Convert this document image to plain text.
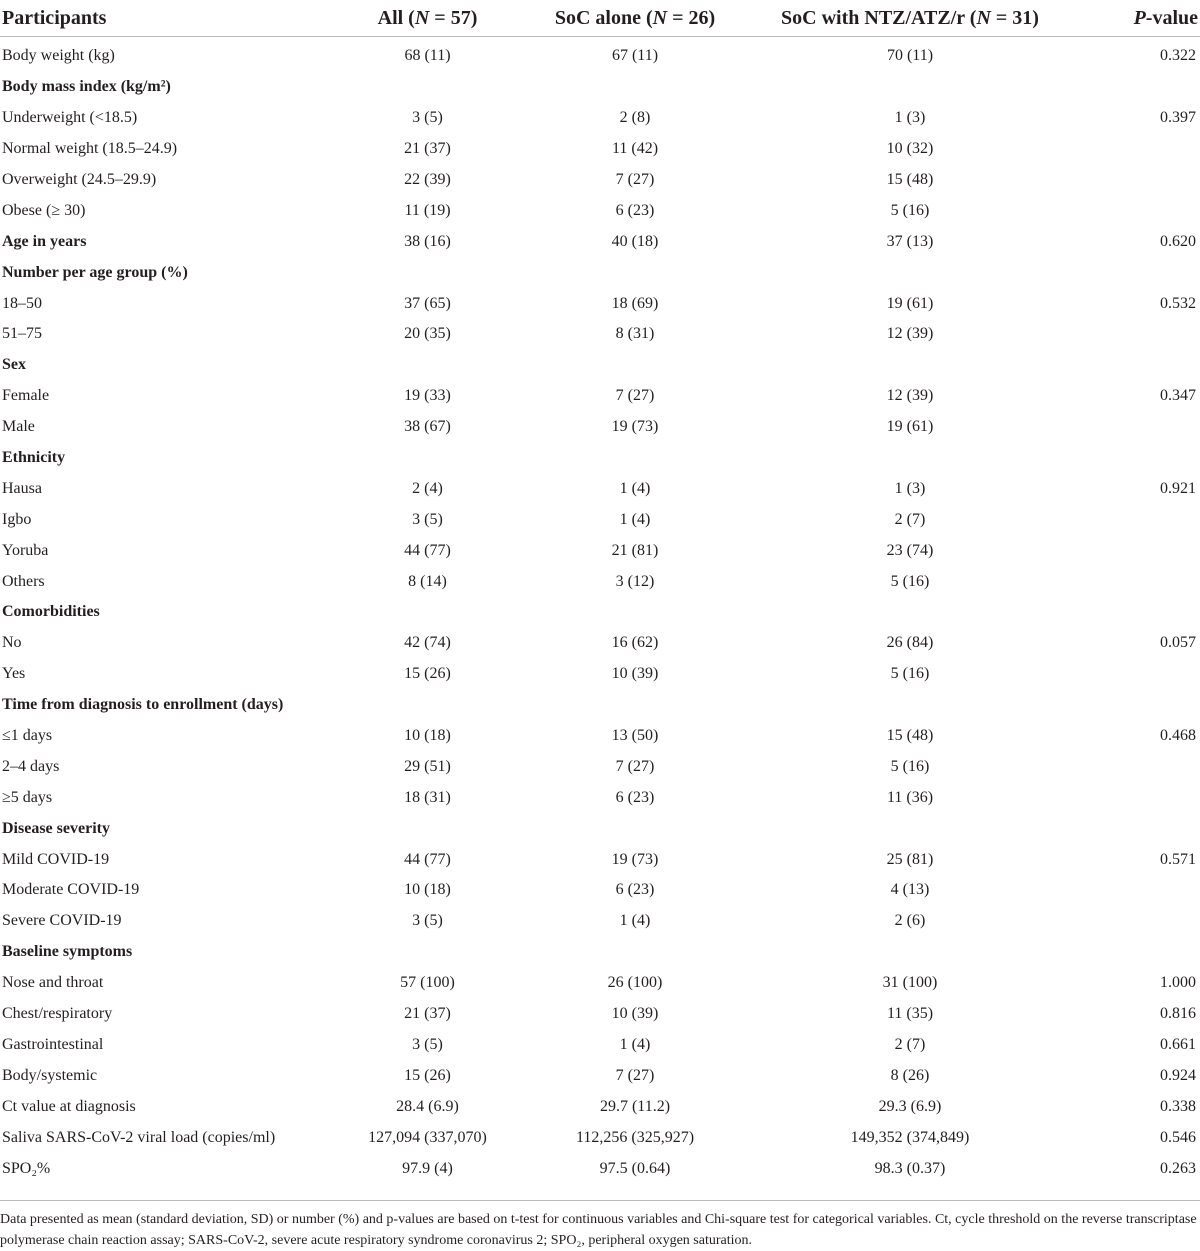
Participants	All (N = 57)	SoC alone (N = 26)	SoC with NTZ/ATZ/r (N = 31)	P-value
Body weight (kg)	68 (11)	67 (11)	70 (11)	0.322
Body mass index (kg/m²)				
Underweight (<18.5)	3 (5)	2 (8)	1 (3)	0.397
Normal weight (18.5–24.9)	21 (37)	11 (42)	10 (32)	
Overweight (24.5–29.9)	22 (39)	7 (27)	15 (48)	
Obese (≥ 30)	11 (19)	6 (23)	5 (16)	
Age in years	38 (16)	40 (18)	37 (13)	0.620
Number per age group (%)				
18–50	37 (65)	18 (69)	19 (61)	0.532
51–75	20 (35)	8 (31)	12 (39)	
Sex				
Female	19 (33)	7 (27)	12 (39)	0.347
Male	38 (67)	19 (73)	19 (61)	
Ethnicity				
Hausa	2 (4)	1 (4)	1 (3)	0.921
Igbo	3 (5)	1 (4)	2 (7)	
Yoruba	44 (77)	21 (81)	23 (74)	
Others	8 (14)	3 (12)	5 (16)	
Comorbidities				
No	42 (74)	16 (62)	26 (84)	0.057
Yes	15 (26)	10 (39)	5 (16)	
Time from diagnosis to enrollment (days)				
≤1 days	10 (18)	13 (50)	15 (48)	0.468
2–4 days	29 (51)	7 (27)	5 (16)	
≥5 days	18 (31)	6 (23)	11 (36)	
Disease severity				
Mild COVID-19	44 (77)	19 (73)	25 (81)	0.571
Moderate COVID-19	10 (18)	6 (23)	4 (13)	
Severe COVID-19	3 (5)	1 (4)	2 (6)	
Baseline symptoms				
Nose and throat	57 (100)	26 (100)	31 (100)	1.000
Chest/respiratory	21 (37)	10 (39)	11 (35)	0.816
Gastrointestinal	3 (5)	1 (4)	2 (7)	0.661
Body/systemic	15 (26)	7 (27)	8 (26)	0.924
Ct value at diagnosis	28.4 (6.9)	29.7 (11.2)	29.3 (6.9)	0.338
Saliva SARS-CoV-2 viral load (copies/ml)	127,094 (337,070)	112,256 (325,927)	149,352 (374,849)	0.546
SPO₂%	97.9 (4)	97.5 (0.64)	98.3 (0.37)	0.263
Data presented as mean (standard deviation, SD) or number (%) and p-values are based on t-test for continuous variables and Chi-square test for categorical variables. Ct, cycle threshold on the reverse transcriptase polymerase chain reaction assay; SARS-CoV-2, severe acute respiratory syndrome coronavirus 2; SPO₂, peripheral oxygen saturation.
